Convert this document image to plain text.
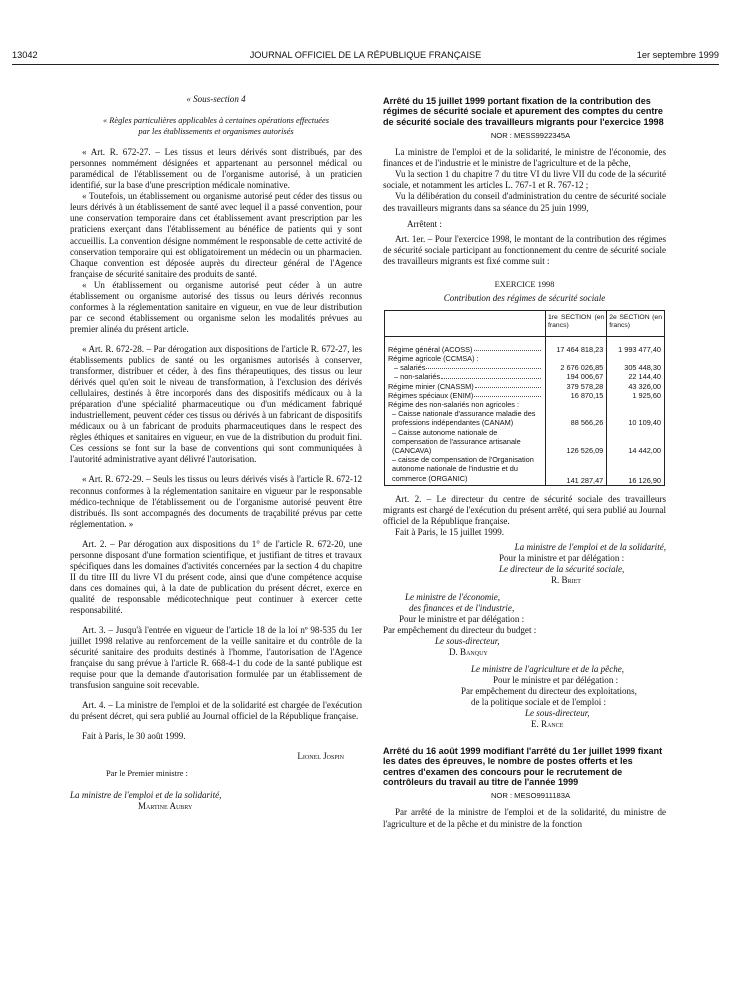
13042	JOURNAL OFFICIEL DE LA RÉPUBLIQUE FRANÇAISE	1er septembre 1999

« Sous-section 4

« Règles particulières applicables à certaines opérations effectuées

par les établissements et organismes autorisés

« Art. R. 672-27. – Les tissus et leurs dérivés sont distribués, par des personnes nommément désignées et appartenant au personnel médical ou paramédical de l'établissement ou de l'organisme autorisé, à un praticien identifié, sur la base d'une prescription médicale nominative.

« Toutefois, un établissement ou organisme autorisé peut céder des tissus ou leurs dérivés à un établissement de santé avec lequel il a passé convention, pour une conservation temporaire dans cet établissement avant prescription par les praticiens exerçant dans l'établissement au bénéfice de patients qui y sont accueillis. La convention désigne nommément le responsable de cette activité de conservation temporaire qui est obligatoirement un médecin ou un pharmacien. Chaque convention est déposée auprès du directeur général de l'Agence française de sécurité sanitaire des produits de santé.

« Un établissement ou organisme autorisé peut céder à un autre établissement ou organisme autorisé des tissus ou leurs dérivés reconnus conformes à la réglementation sanitaire en vigueur, en vue de leur distribution par ce second établissement ou organisme selon les modalités prévues au premier alinéa du présent article.

« Art. R. 672-28. – Par dérogation aux dispositions de l'article R. 672-27, les établissements publics de santé ou les organismes autorisés à conserver, transformer, distribuer et céder, à des fins thérapeutiques, des tissus ou leur dérivés quel qu'en soit le niveau de transformation, à l'exclusion des dérivés cellulaires, destinés à être incorporés dans des dispositifs médicaux ou à la préparation d'une spécialité pharmaceutique ou d'un médicament fabriqué industriellement, peuvent céder ces tissus ou dérivés à un fabricant de dispositifs médicaux ou à un fabricant de produits pharmaceutiques dans le respect des règles éthiques et sanitaires en vigueur, en vue de la distribution du produit fini. Ces cessions se font sur la base de conventions qui sont communiquées à l'autorité administrative ayant délivré l'autorisation.

« Art. R. 672-29. – Seuls les tissus ou leurs dérivés visés à l'article R. 672-12 reconnus conformes à la réglementation sanitaire en vigueur par le responsable médico-technique de l'établissement ou de l'organisme autorisé peuvent être distribués. Ils sont accompagnés des documents de traçabilité prévus par cette réglementation. »

Art. 2. – Par dérogation aux dispositions du 1° de l'article R. 672-20, une personne disposant d'une formation scientifique, et justifiant de titres et travaux spécifiques dans les domaines d'activités concernées par la section 4 du chapitre II du titre III du livre VI du présent code, ainsi que d'une compétence acquise dans ces domaines qui, à la date de publication du présent décret, exerce en qualité de responsable médicotechnique peut continuer à exercer cette responsabilité.

Art. 3. – Jusqu'à l'entrée en vigueur de l'article 18 de la loi nº 98-535 du 1er juillet 1998 relative au renforcement de la veille sanitaire et du contrôle de la sécurité sanitaire des produits destinés à l'homme, l'autorisation de l'Agence française du sang prévue à l'article R. 668-4-1 du code de la santé publique est requise pour que la demande d'autorisation formulée par un établissement de transfusion sanguine soit recevable.

Art. 4. – La ministre de l'emploi et de la solidarité est chargée de l'exécution du présent décret, qui sera publié au Journal officiel de la République française.

Fait à Paris, le 30 août 1999.

Lionel Jospin

Par le Premier ministre :

La ministre de l'emploi et de la solidarité,

Martine Aubry

Arrêté du 15 juillet 1999 portant fixation de la contribution des régimes de sécurité sociale et apurement des comptes du centre de sécurité sociale des travailleurs migrants pour l'exercice 1998

NOR : MESS9922345A

La ministre de l'emploi et de la solidarité, le ministre de l'économie, des finances et de l'industrie et le ministre de l'agriculture et de la pêche,

Vu la section 1 du chapitre 7 du titre VI du livre VII du code de la sécurité sociale, et notamment les articles L. 767-1 et R. 767-12 ;

Vu la délibération du conseil d'administration du centre de sécurité sociale des travailleurs migrants dans sa séance du 25 juin 1999,

Arrêtent :

Art. 1er. – Pour l'exercice 1998, le montant de la contribution des régimes de sécurité sociale participant au fonctionnement du centre de sécurité sociale des travailleurs migrants est fixé comme suit :

EXERCICE 1998

Contribution des régimes de sécurité sociale

	1re SECTION (en francs)	2e SECTION (en francs)

Régime général (ACOSS)	17 464 818,23	1 993 477,40
Régime agricole (CCMSA) :		

– salariés	2 676 026,85	305 448,30

– non-salariés	194 006,67	22 144,40

Régime minier (CNASSM)	379 578,28	43 326,00

Régimes spéciaux (ENIM)	16 870,15	1 925,60
Régime des non-salariés non agricoles :		
– Caisse nationale d'assurance maladie des professions indépendantes (CANAM)	88 566,26	10 109,40
– Caisse autonome nationale de compensation de l'assurance artisanale (CANCAVA)	126 526,09	14 442,00
– caisse de compensation de l'Organisation autonome nationale de l'industrie et du commerce (ORGANIC)	141 287,47	16 126,90

Art. 2. – Le directeur du centre de sécurité sociale des travailleurs migrants est chargé de l'exécution du présent arrêté, qui sera publié au Journal officiel de la République française.

Fait à Paris, le 15 juillet 1999.

La ministre de l'emploi et de la solidarité,

Pour la ministre et par délégation :

Le directeur de la sécurité sociale,

R. Briet

Le ministre de l'économie,

des finances et de l'industrie,

Pour le ministre et par délégation :

Par empêchement du directeur du budget :

Le sous-directeur,

D. Banquy

Le ministre de l'agriculture et de la pêche,

Pour le ministre et par délégation :

Par empêchement du directeur des exploitations,

de la politique sociale et de l'emploi :

Le sous-directeur,

E. Rance

Arrêté du 16 août 1999 modifiant l'arrêté du 1er juillet 1999 fixant les dates des épreuves, le nombre de postes offerts et les centres d'examen des concours pour le recrutement de contrôleurs du travail au titre de l'année 1999

NOR : MESO9911183A

Par arrêté de la ministre de l'emploi et de la solidarité, du ministre de l'agriculture et de la pêche et du ministre de la fonction
